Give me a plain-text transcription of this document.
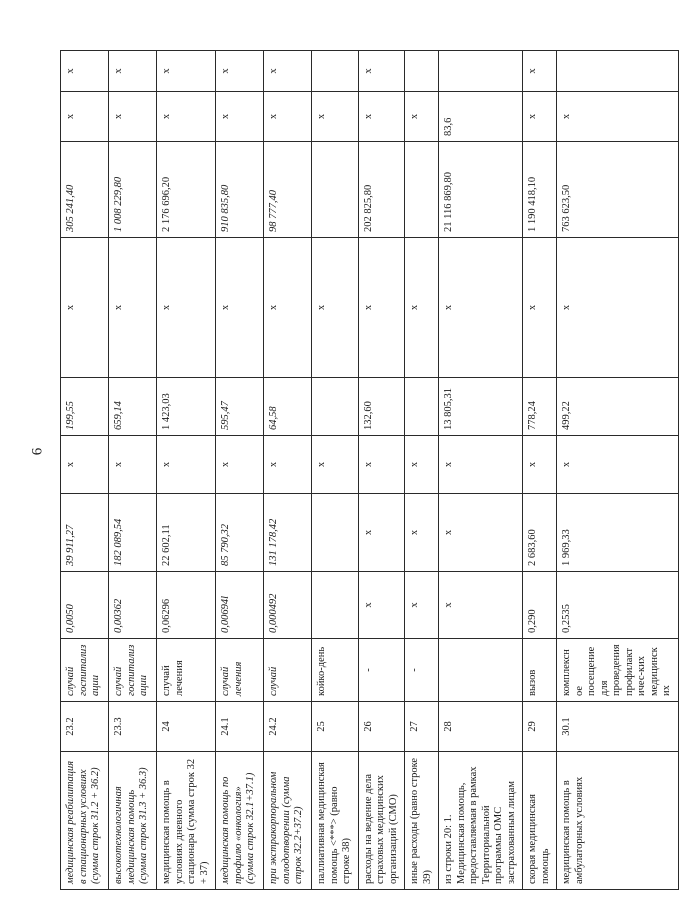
6
медицинская реабилитация в стационарных условиях (сумма строк 31.2 + 36.2)	23.2	случай госпитализации	0,0050	39 911,27	х	199,55	х	305 241,40	х	х
высокотехнологичная медицинская помощь (сумма строк 31.3 + 36.3)	23.3	случай госпитализации	0,00362	182 089,54	х	659,14	х	1 008 229,80	х	х
медицинская помощь в условиях дневного стационара (сумма строк 32 + 37)	24	случай лечения	0,06296	22 602,11	х	1 423,03	х	2 176 696,20	х	х
медицинская помощь по профилю «онкология» (сумма строк 32.1+37.1)	24.1	случай лечения	0,00694l	85 790,32	х	595,47	х	910 835,80	х	х
при экстракорпоральном оплодотворении (сумма строк 32.2+37.2)	24.2	случай	0,000492	131 178,42	х	64,58	х	98 777,40	х	х
паллиативная медицинская помощь <***> (равно строке 38)	25	койко-день			х		х		х	
расходы на ведение дела страховых медицинских организаций (СМО)	26	-	х	х	х	132,60	х	202 825,80	х	х
иные расходы (равно строке 39)	27	-	х	х	х		х		х	
из строки 20: 1. Медицинская помощь, предоставляемая в рамках Территориальной программы ОМС застрахованным лицам	28		х	х	х	13 805,31	х	21 116 869,80	83,6	
скорая медицинская помощь	29	вызов	0,290	2 683,60	х	778,24	х	1 190 418,10	х	х
медицинская помощь в амбулаторных условиях	30.1	комплексное посещение для проведения профилактичес-ких медицинских	0,2535	1 969,33	х	499,22	х	763 623,50	х	
